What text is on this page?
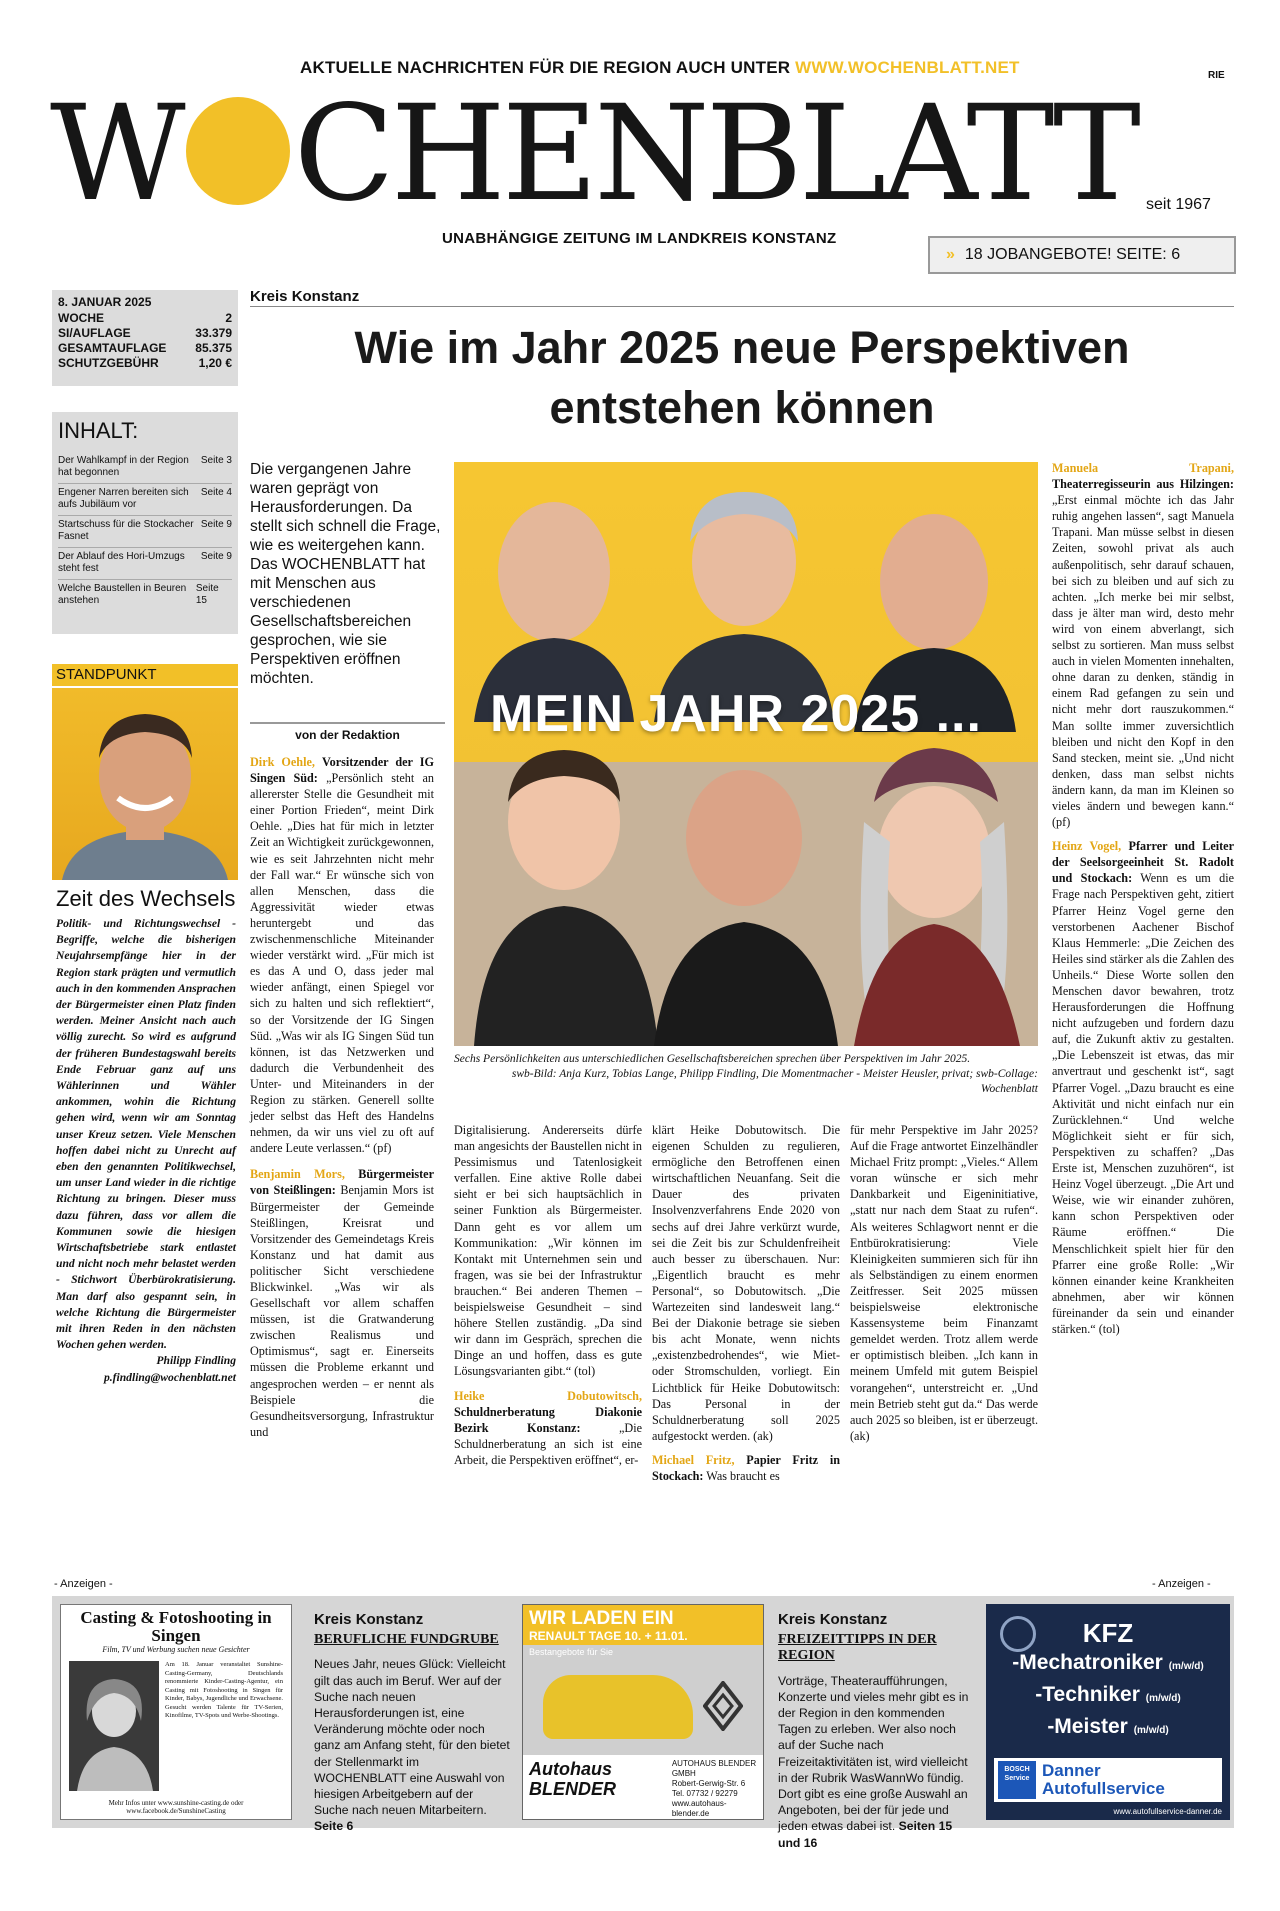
AKTUELLE NACHRICHTEN FÜR DIE REGION AUCH UNTER WWW.WOCHENBLATT.NET	RIE
W CHENBLATT seit 1967
UNABHÄNGIGE ZEITUNG IM LANDKREIS KONSTANZ
» 18 JOBANGEBOTE! SEITE: 6
8. JANUAR 2025
WOCHE	2
SI/AUFLAGE	33.379
GESAMTAUFLAGE 85.375
SCHUTZGEBÜHR	1,20 €
INHALT:
Der Wahlkampf in der Region hat begonnen
Seite 3
Engener Narren bereiten sich aufs Jubiläum vor
Seite 4
Startschuss für die Stockacher Fasnet
Seite 9
Der Ablauf des Hori-Umzugs steht fest
Seite 9
Welche Baustellen in Beuren anstehen
Seite 15
STANDPUNKT
Zeit des Wechsels
Politik- und Richtungswechsel - Begriffe, welche die bisherigen Neujahrsempfänge hier in der Region stark prägten und vermutlich auch in den kommenden Ansprachen der Bürgermeister einen Platz finden werden. Meiner Ansicht nach auch völlig zurecht. So wird es aufgrund der früheren Bundestagswahl bereits Ende Februar ganz auf uns Wählerinnen und Wähler ankommen, wohin die Richtung gehen wird, wenn wir am Sonntag unser Kreuz setzen. Viele Menschen hoffen dabei nicht zu Unrecht auf eben den genannten Politikwechsel, um unser Land wieder in die richtige Richtung zu bringen. Dieser muss dazu führen, dass vor allem die Kommunen sowie die hiesigen Wirtschaftsbetriebe stark entlastet und nicht noch mehr belastet werden - Stichwort Überbürokratisierung. Man darf also gespannt sein, in welche Richtung die Bürgermeister mit ihren Reden in den nächsten Wochen gehen werden.
Philipp Findling

p.findling@wochenblatt.net
Kreis Konstanz
Wie im Jahr 2025 neue Perspektiven entstehen können
Die vergangenen Jahre waren geprägt von Herausforderungen. Da stellt sich schnell die Frage, wie es weitergehen kann. Das WOCHENBLATT hat mit Menschen aus verschiedenen Gesellschaftsbereichen gesprochen, wie sie Perspektiven eröffnen möchten.
von der Redaktion
Dirk Oehle, Vorsitzender der IG Singen Süd: „Persönlich steht an allererster Stelle die Gesundheit mit einer Portion Frieden“, meint Dirk Oehle. „Dies hat für mich in letzter Zeit an Wichtigkeit zurückgewonnen, wie es seit Jahrzehnten nicht mehr der Fall war.“ Er wünsche sich von allen Menschen, dass die Aggressivität wieder etwas heruntergebt und das zwischenmenschliche Miteinander wieder verstärkt wird. „Für mich ist es das A und O, dass jeder mal wieder anfängt, einen Spiegel vor sich zu halten und sich reflektiert“, so der Vorsitzende der IG Singen Süd. „Was wir als IG Singen Süd tun können, ist das Netzwerken und dadurch die Verbundenheit des Unter- und Miteinanders in der Region zu stärken. Generell sollte jeder selbst das Heft des Handelns nehmen, da wir uns viel zu oft auf andere Leute verlassen.“ (pf)
Benjamin Mors, Bürgermeister von Steißlingen: Benjamin Mors ist Bürgermeister der Gemeinde Steißlingen, Kreisrat und Vorsitzender des Gemeindetags Kreis Konstanz und hat damit aus politischer Sicht verschiedene Blickwinkel. „Was wir als Gesellschaft vor allem schaffen müssen, ist die Gratwanderung zwischen Realismus und Optimismus“, sagt er. Einerseits müssen die Probleme erkannt und angesprochen werden – er nennt als Beispiele die Gesundheitsversorgung, Infrastruktur und
MEIN JAHR 2025 ...
Sechs Persönlichkeiten aus unterschiedlichen Gesellschaftsbereichen sprechen über Perspektiven im Jahr 2025.
swb-Bild: Anja Kurz, Tobias Lange, Philipp Findling, Die Momentmacher - Meister Heusler, privat; swb-Collage: Wochenblatt
Digitalisierung. Andererseits dürfe man angesichts der Baustellen nicht in Pessimismus und Tatenlosigkeit verfallen. Eine aktive Rolle dabei sieht er bei sich hauptsächlich in seiner Funktion als Bürgermeister. Dann geht es vor allem um Kommunikation: „Wir können im Kontakt mit Unternehmen sein und fragen, was sie bei der Infrastruktur brauchen.“ Bei anderen Themen – beispielsweise Gesundheit – sind höhere Stellen zuständig. „Da sind wir dann im Gespräch, sprechen die Dinge an und hoffen, dass es gute Lösungsvarianten gibt.“ (tol)
Heike Dobutowitsch, Schuldnerberatung Diakonie Bezirk Konstanz:	„Die Schuldnerberatung an sich ist eine Arbeit, die Perspektiven eröffnet“, er-
klärt Heike Dobutowitsch. Die eigenen Schulden zu regulieren, ermögliche den Betroffenen einen wirtschaftlichen Neuanfang. Seit die Dauer des privaten Insolvenzverfahrens Ende 2020 von sechs auf drei Jahre verkürzt wurde, sei die Zeit bis zur Schuldenfreiheit auch besser zu überschauen. Nur: „Eigentlich braucht es mehr Personal“, so Dobutowitsch. „Die Wartezeiten sind landesweit lang.“ Bei der Diakonie betrage sie sieben bis acht Monate, wenn nichts „existenzbedrohendes“, wie Miet- oder Stromschulden, vorliegt. Ein Lichtblick für Heike Dobutowitsch: Das Personal in der Schuldnerberatung soll 2025 aufgestockt werden. (ak)
Michael Fritz, Papier Fritz in Stockach: Was braucht es
für mehr Perspektive im Jahr 2025? Auf die Frage antwortet Einzelhändler Michael Fritz prompt: „Vieles.“ Allem voran wünsche er sich mehr Dankbarkeit und Eigeninitiative, „statt nur nach dem Staat zu rufen“. Als weiteres Schlagwort nennt er die Entbürokratisierung: Viele Kleinigkeiten summieren sich für ihn als Selbständigen zu einem enormen Zeitfresser. Seit 2025 müssen beispielsweise elektronische Kassensysteme beim Finanzamt gemeldet werden. Trotz allem werde er optimistisch bleiben. „Ich kann in meinem Umfeld mit gutem Beispiel vorangehen“, unterstreicht er. „Und mein Betrieb steht gut da.“ Das werde auch 2025 so bleiben, ist er überzeugt. (ak)
Manuela Trapani, Theaterregisseurin aus Hilzingen: „Erst einmal möchte ich das Jahr ruhig angehen lassen“, sagt Manuela Trapani. Man müsse selbst in diesen Zeiten, sowohl privat als auch außenpolitisch, sehr darauf schauen, bei sich zu bleiben und auf sich zu achten. „Ich merke bei mir selbst, dass je älter man wird, desto mehr wird von einem abverlangt, sich selbst zu sortieren. Man muss selbst auch in vielen Momenten innehalten, ohne daran zu denken, ständig in einem Rad gefangen zu sein und nicht mehr dort rauszukommen.“ Man sollte immer zuversichtlich bleiben und nicht den Kopf in den Sand stecken, meint sie. „Und nicht denken, dass man selbst nichts ändern kann, da man im Kleinen so vieles ändern und bewegen kann.“ (pf)
Heinz Vogel, Pfarrer und Leiter der Seelsorgeeinheit St. Radolt und Stockach: Wenn es um die Frage nach Perspektiven geht, zitiert Pfarrer Heinz Vogel gerne den verstorbenen Aachener Bischof Klaus Hemmerle: „Die Zeichen des Heiles sind stärker als die Zahlen des Unheils.“ Diese Worte sollen den Menschen davor bewahren, trotz Herausforderungen die Hoffnung nicht aufzugeben und fordern dazu auf, die Zukunft aktiv zu gestalten. „Die Lebenszeit ist etwas, das mir anvertraut und geschenkt ist“, sagt Pfarrer Vogel. „Dazu braucht es eine Aktivität und nicht einfach nur ein Zurücklehnen.“ Und welche Möglichkeit sieht er für sich, Perspektiven zu schaffen? „Das Erste ist, Menschen zuzuhören“, ist Heinz Vogel überzeugt. „Die Art und Weise, wie wir einander zuhören, kann schon Perspektiven oder Räume eröffnen.“ Die Menschlichkeit spielt hier für den Pfarrer eine große Rolle: „Wir können einander keine Krankheiten abnehmen, aber wir können füreinander da sein und einander stärken.“ (tol)
- Anzeigen -	- Anzeigen -
Casting & Fotoshooting in Singen
Film, TV und Werbung suchen neue Gesichter
Am 18. Januar veranstaltet Sunshine-Casting-Germany, Deutschlands renommierte Kinder-Casting-Agentur, ein Casting mit Fotoshooting in Singen für Kinder, Babys, Jugendliche und Erwachsene. Gesucht werden Talente für TV-Serien, Kinofilme, TV-Spots und Werbe-Shootings.
Mehr Infos unter www.sunshine-casting.de oder www.facebook.de/SunshineCasting
Kreis Konstanz
BERUFLICHE FUNDGRUBE
Neues Jahr, neues Glück: Vielleicht gilt das auch im Beruf. Wer auf der Suche nach neuen Herausforderungen ist, eine Veränderung möchte oder noch ganz am Anfang steht, für den bietet der Stellenmarkt im WOCHENBLATT eine Auswahl von hiesigen Arbeitgebern auf der Suche nach neuen Mitarbeitern. Seite 6
WIR LADEN EIN
RENAULT TAGE 10. + 11.01.
Bestangebote für Sie
Autohaus BLENDER
AUTOHAUS BLENDER GMBH
Robert-Gerwig-Str. 6
Tel. 07732 / 92279
www.autohaus-blender.de
Kreis Konstanz
FREIZEITTIPPS IN DER REGION
Vorträge, Theateraufführungen, Konzerte und vieles mehr gibt es in der Region in den kommenden Tagen zu erleben. Wer also noch auf der Suche nach Freizeitaktivitäten ist, wird vielleicht in der Rubrik WasWannWo fündig. Dort gibt es eine große Auswahl an Angeboten, bei der für jede und jeden etwas dabei ist. Seiten 15 und 16
KFZ
-Mechatroniker (m/w/d)
-Techniker (m/w/d)
-Meister (m/w/d)
BOSCH Service Danner
Autofullservice
www.autofullservice-danner.de
